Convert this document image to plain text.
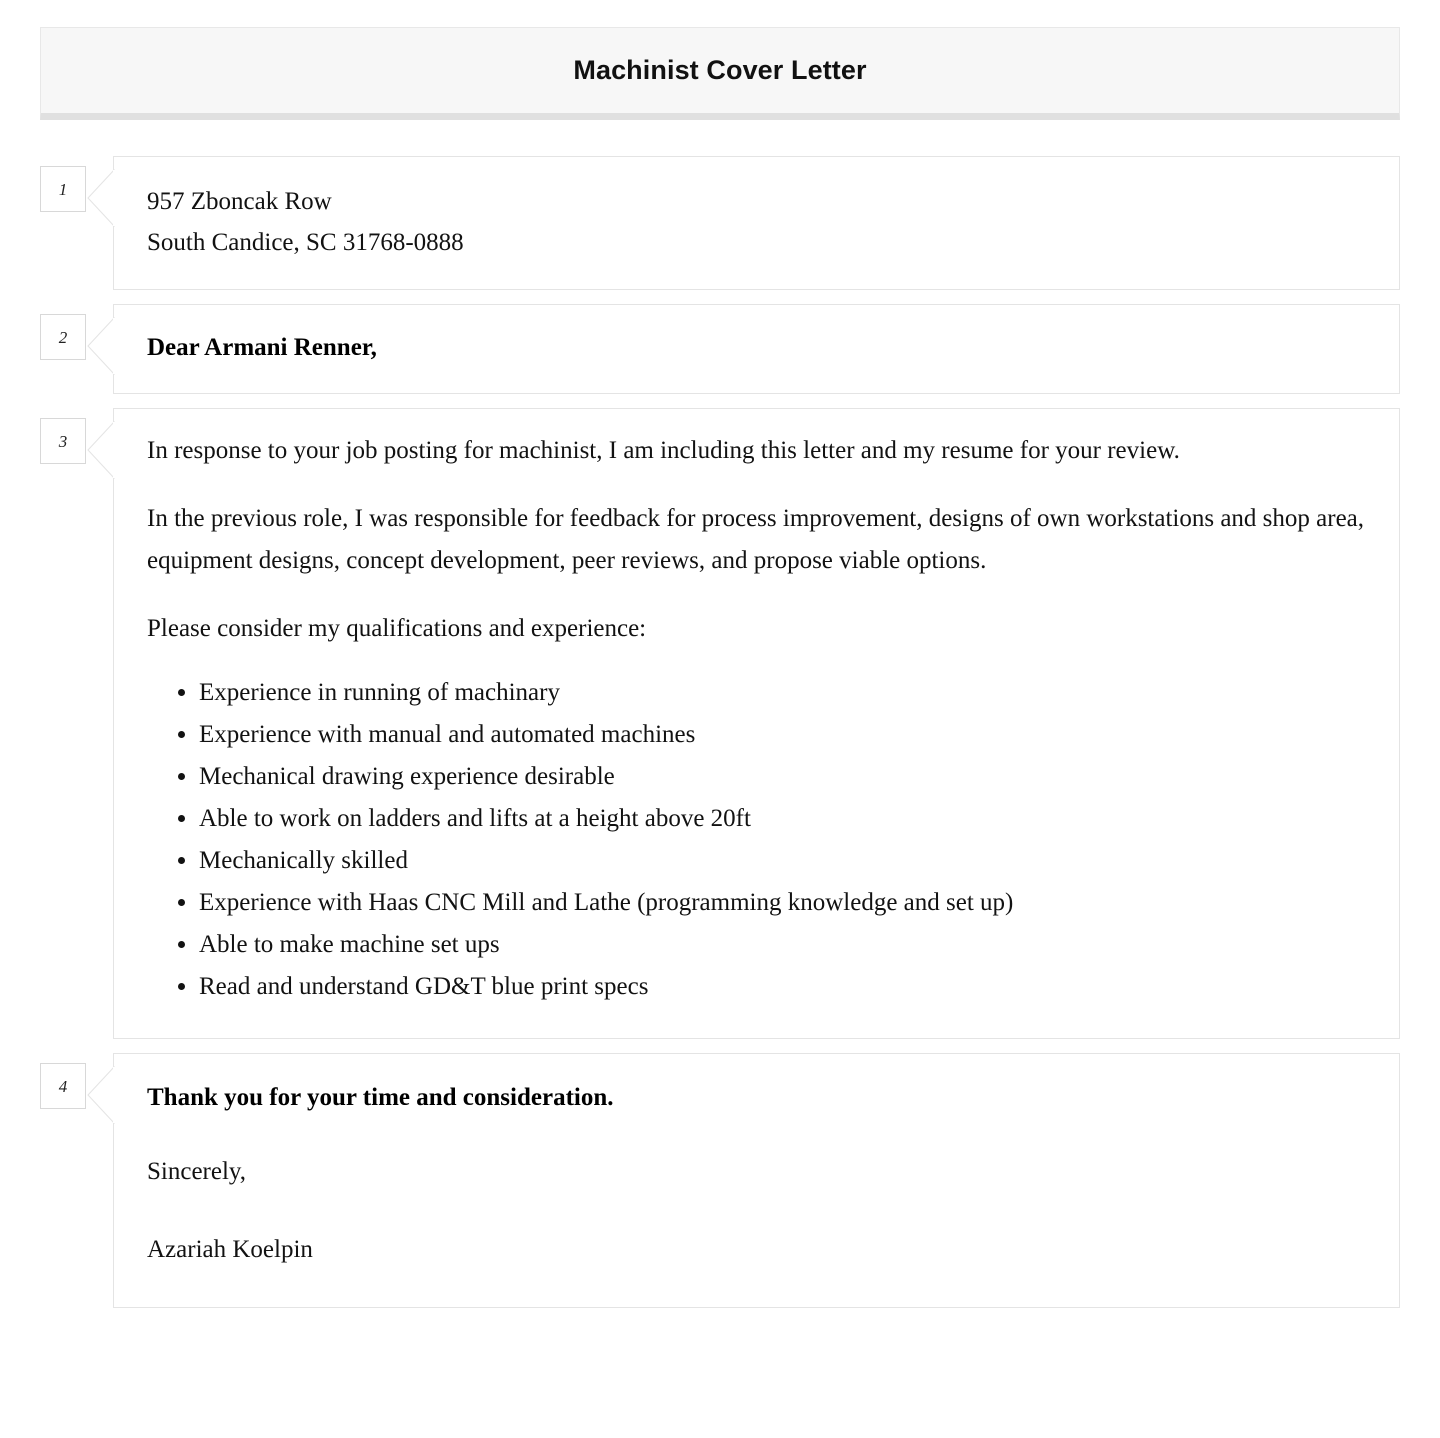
Machinist Cover Letter
1	957 Zboncak Row
South Candice, SC 31768-0888
2	Dear Armani Renner,
3	In response to your job posting for machinist, I am including this letter and my resume for your review.

In the previous role, I was responsible for feedback for process improvement, designs of own workstations and shop area, equipment designs, concept development, peer reviews, and propose viable options.

Please consider my qualifications and experience:

• Experience in running of machinary
• Experience with manual and automated machines
• Mechanical drawing experience desirable
• Able to work on ladders and lifts at a height above 20ft
• Mechanically skilled
• Experience with Haas CNC Mill and Lathe (programming knowledge and set up)
• Able to make machine set ups
• Read and understand GD&T blue print specs
4	Thank you for your time and consideration.

Sincerely,

Azariah Koelpin
